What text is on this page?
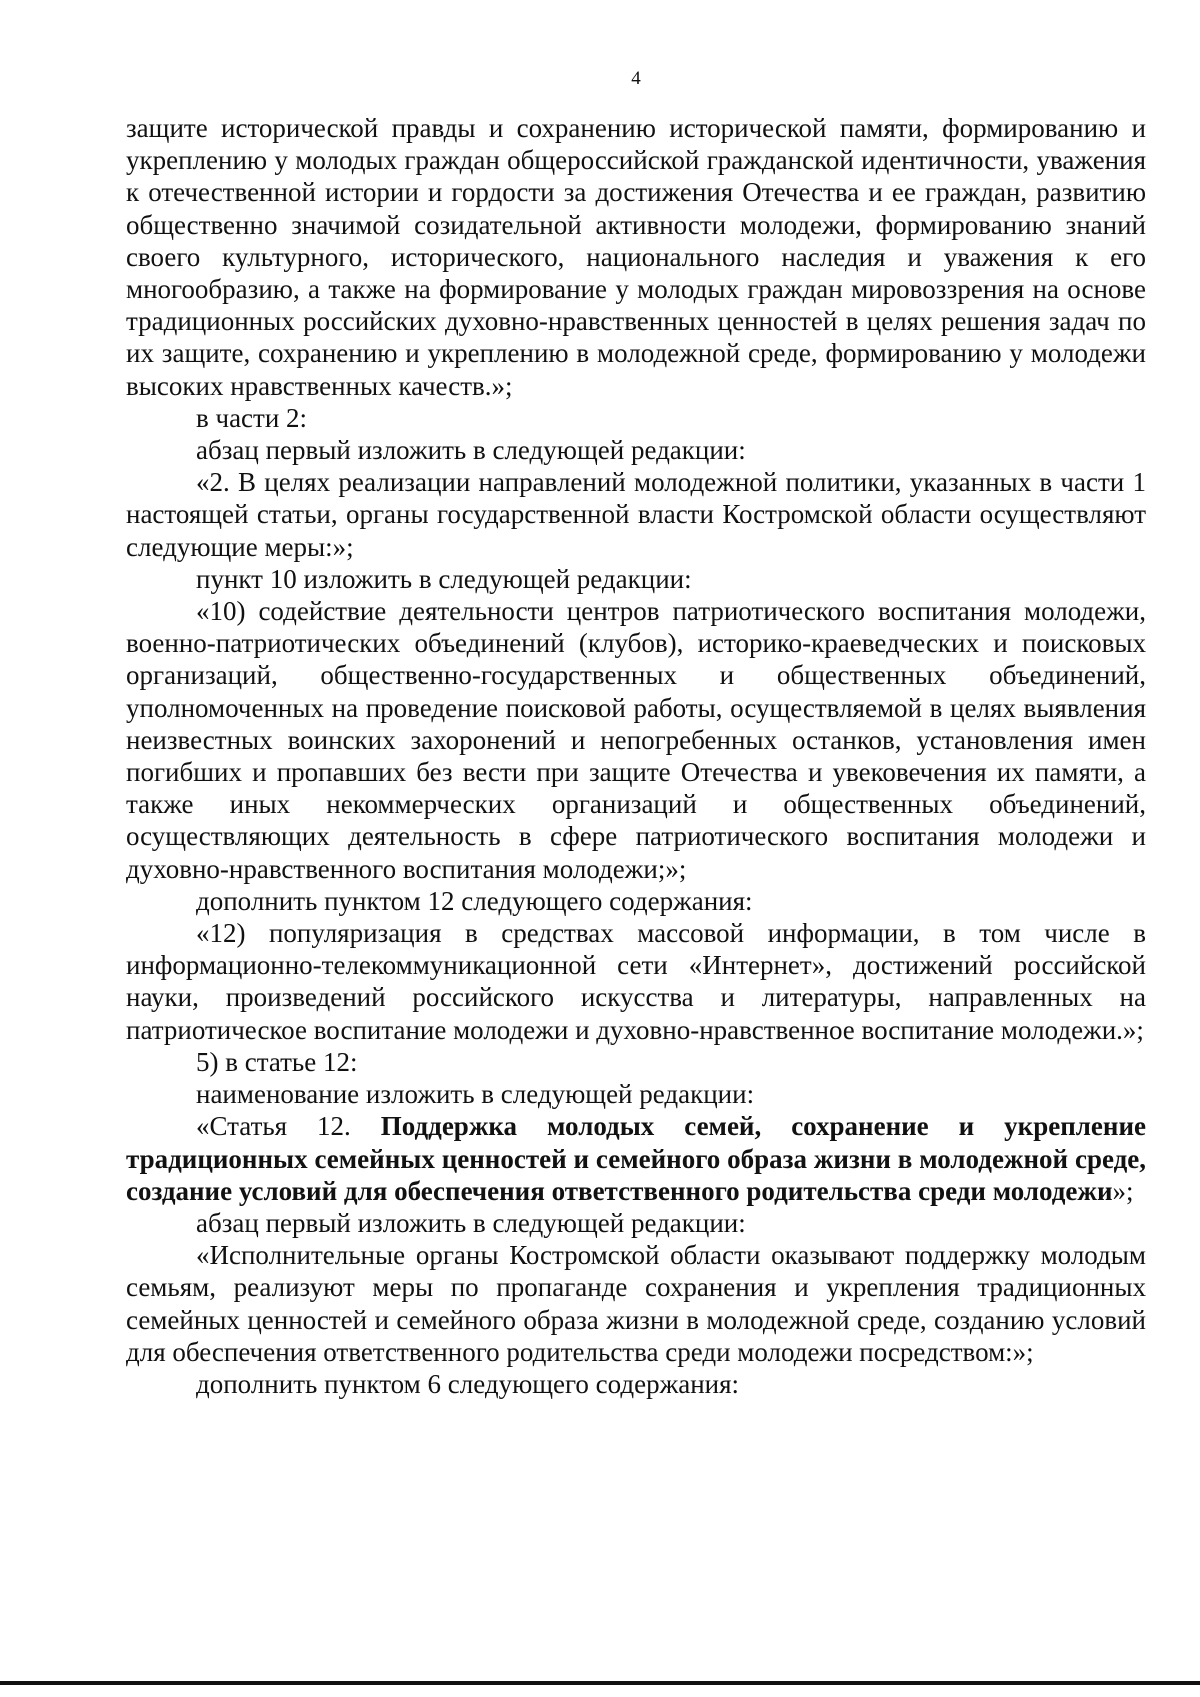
4

защите исторической правды и сохранению исторической памяти, формированию и укреплению у молодых граждан общероссийской гражданской идентичности, уважения к отечественной истории и гордости за достижения Отечества и ее граждан, развитию общественно значимой созидательной активности молодежи, формированию знаний своего культурного, исторического, национального наследия и уважения к его многообразию, а также на формирование у молодых граждан мировоззрения на основе традиционных российских духовно-нравственных ценностей в целях решения задач по их защите, сохранению и укреплению в молодежной среде, формированию у молодежи высоких нравственных качеств.»;

в части 2:

абзац первый изложить в следующей редакции:

«2. В целях реализации направлений молодежной политики, указанных в части 1 настоящей статьи, органы государственной власти Костромской области осуществляют следующие меры:»;

пункт 10 изложить в следующей редакции:

«10) содействие деятельности центров патриотического воспитания молодежи, военно-патриотических объединений (клубов), историко-краеведческих и поисковых организаций, общественно-государственных и общественных объединений, уполномоченных на проведение поисковой работы, осуществляемой в целях выявления неизвестных воинских захоронений и непогребенных останков, установления имен погибших и пропавших без вести при защите Отечества и увековечения их памяти, а также иных некоммерческих организаций и общественных объединений, осуществляющих деятельность в сфере патриотического воспитания молодежи и духовно-нравственного воспитания молодежи;»;

дополнить пунктом 12 следующего содержания:

«12) популяризация в средствах массовой информации, в том числе в информационно-телекоммуникационной сети «Интернет», достижений российской науки, произведений российского искусства и литературы, направленных на патриотическое воспитание молодежи и духовно-нравственное воспитание молодежи.»;

5) в статье 12:

наименование изложить в следующей редакции:

«Статья 12. Поддержка молодых семей, сохранение и укрепление традиционных семейных ценностей и семейного образа жизни в молодежной среде, создание условий для обеспечения ответственного родительства среди молодежи»;

абзац первый изложить в следующей редакции:

«Исполнительные органы Костромской области оказывают поддержку молодым семьям, реализуют меры по пропаганде сохранения и укрепления традиционных семейных ценностей и семейного образа жизни в молодежной среде, созданию условий для обеспечения ответственного родительства среди молодежи посредством:»;

дополнить пунктом 6 следующего содержания:
